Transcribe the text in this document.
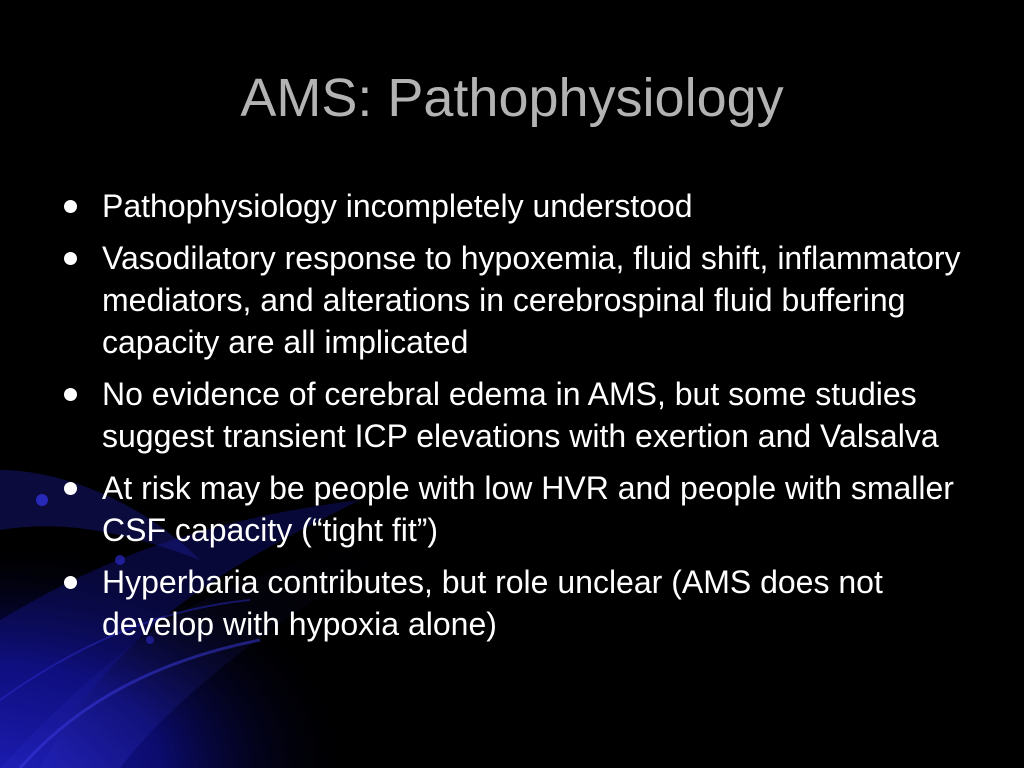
AMS: Pathophysiology
Pathophysiology incompletely understood
Vasodilatory response to hypoxemia, fluid shift, inflammatory mediators, and alterations in cerebrospinal fluid buffering capacity are all implicated
No evidence of cerebral edema in AMS, but some studies suggest transient ICP elevations with exertion and Valsalva
At risk may be people with low HVR and people with smaller CSF capacity (“tight fit”)
Hyperbaria contributes, but role unclear (AMS does not develop with hypoxia alone)
